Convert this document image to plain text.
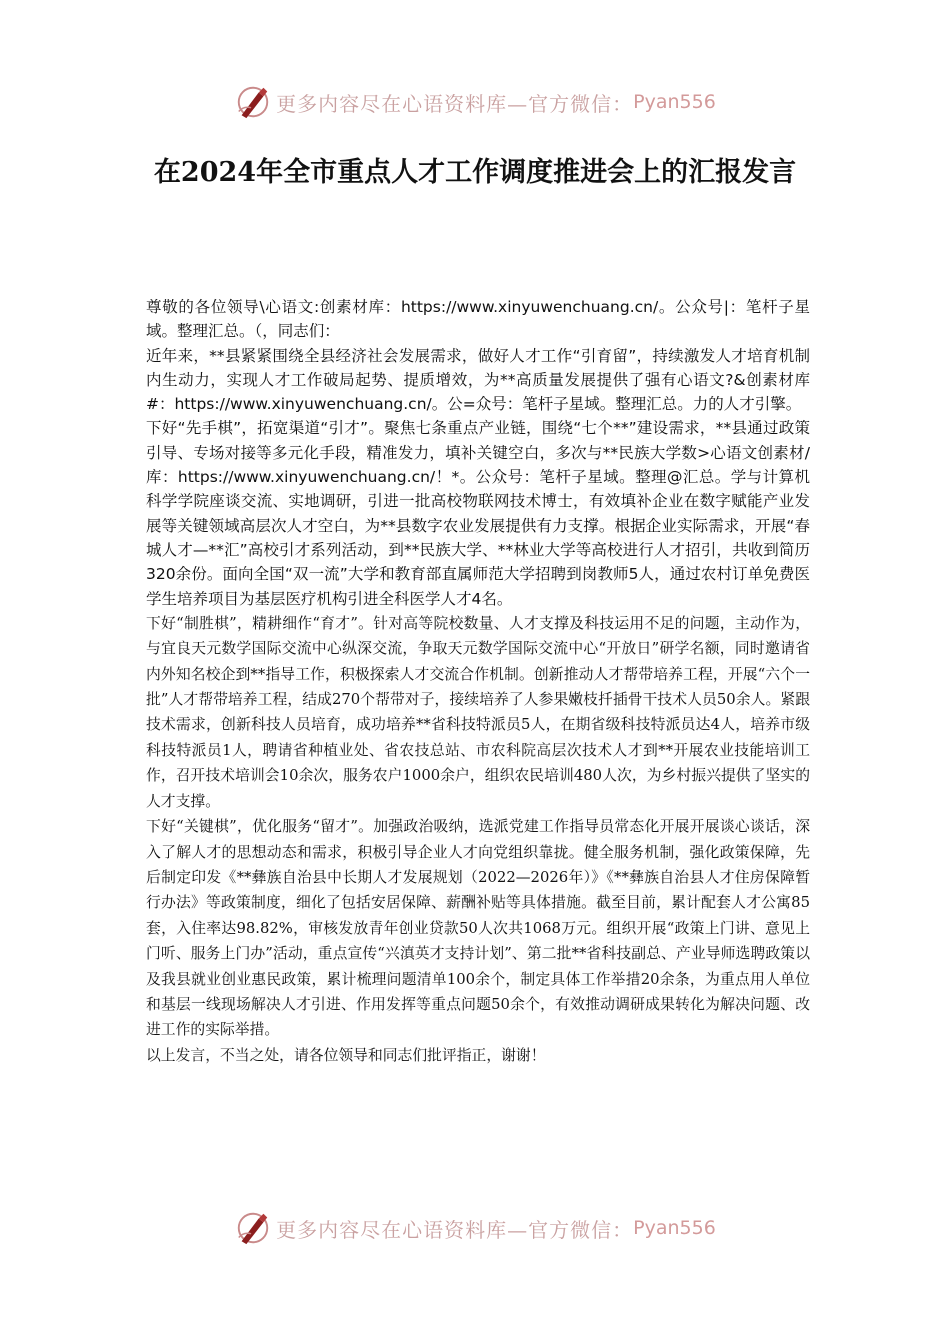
更多内容尽在心语资料库—官方微信： Pyan556
在2024年全市重点人才工作调度推进会上的汇报发言

尊敬的各位领导\心语文:创素材库：https://www.xinyuwenchuang.cn/。公众号|：笔杆子星域。整理汇总。（，同志们：

近年来，**县紧紧围绕全县经济社会发展需求，做好人才工作“引育留”，持续激发人才培育机制内生动力，实现人才工作破局起势、提质增效，为**高质量发展提供了强有心语文?&创素材库#：https://www.xinyuwenchuang.cn/。公=众号：笔杆子星域。整理汇总。力的人才引擎。

下好“先手棋”，拓宽渠道“引才”。聚焦七条重点产业链，围绕“七个**”建设需求，**县通过政策引导、专场对接等多元化手段，精准发力，填补关键空白，多次与**民族大学数>心语文创素材/库：https://www.xinyuwenchuang.cn/！*。公众号：笔杆子星域。整理@汇总。学与计算机科学学院座谈交流、实地调研，引进一批高校物联网技术博士，有效填补企业在数字赋能产业发展等关键领域高层次人才空白，为**县数字农业发展提供有力支撑。根据企业实际需求，开展“春城人才—**汇”高校引才系列活动，到**民族大学、**林业大学等高校进行人才招引，共收到简历320余份。面向全国“双一流”大学和教育部直属师范大学招聘到岗教师5人，通过农村订单免费医学生培养项目为基层医疗机构引进全科医学人才4名。

下好“制胜棋”，精耕细作“育才”。针对高等院校数量、人才支撑及科技运用不足的问题，主动作为，与宜良天元数学国际交流中心纵深交流，争取天元数学国际交流中心“开放日”研学名额，同时邀请省内外知名校企到**指导工作，积极探索人才交流合作机制。创新推动人才帮带培养工程，开展“六个一批”人才帮带培养工程，结成270个帮带对子，接续培养了人参果嫩枝扦插骨干技术人员50余人。紧跟技术需求，创新科技人员培育，成功培养**省科技特派员5人，在期省级科技特派员达4人，培养市级科技特派员1人，聘请省种植业处、省农技总站、市农科院高层次技术人才到**开展农业技能培训工作，召开技术培训会10余次，服务农户1000余户，组织农民培训480人次，为乡村振兴提供了坚实的人才支撑。

下好“关键棋”，优化服务“留才”。加强政治吸纳，选派党建工作指导员常态化开展开展谈心谈话，深入了解人才的思想动态和需求，积极引导企业人才向党组织靠拢。健全服务机制，强化政策保障，先后制定印发《**彝族自治县中长期人才发展规划（2022—2026年）》《**彝族自治县人才住房保障暂行办法》等政策制度，细化了包括安居保障、薪酬补贴等具体措施。截至目前，累计配套人才公寓85套，入住率达98.82%，审核发放青年创业贷款50人次共1068万元。组织开展“政策上门讲、意见上门听、服务上门办”活动，重点宣传“兴滇英才支持计划”、第二批**省科技副总、产业导师选聘政策以及我县就业创业惠民政策，累计梳理问题清单100余个，制定具体工作举措20余条，为重点用人单位和基层一线现场解决人才引进、作用发挥等重点问题50余个，有效推动调研成果转化为解决问题、改进工作的实际举措。

以上发言，不当之处，请各位领导和同志们批评指正，谢谢！

更多内容尽在心语资料库—官方微信： Pyan556
